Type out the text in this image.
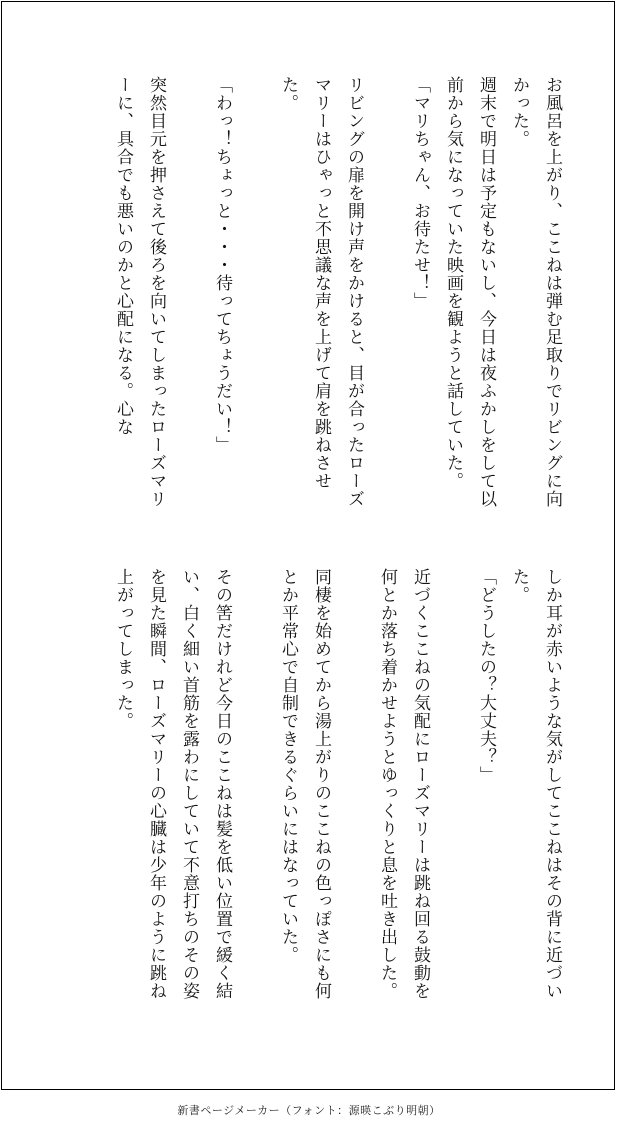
お風呂を上がり、ここねは弾む足取りでリビングに向かった。

週末で明日は予定もないし、今日は夜ふかしをして以前から気になっていた映画を観ようと話していた。

「マリちゃん、お待たせ！」

リビングの扉を開け声をかけると、目が合ったローズマリーはひゃっと不思議な声を上げて肩を跳ねさせた。

「わっ！ちょっと・・・待ってちょうだい！」

突然目元を押さえて後ろを向いてしまったローズマリーに、具合でも悪いのかと心配になる。心な

しか耳が赤いような気がしてここねはその背に近づいた。

「どうしたの？大丈夫？」

近づくここねの気配にローズマリーは跳ね回る鼓動を何とか落ち着かせようとゆっくりと息を吐き出した。

同棲を始めてから湯上がりのここねの色っぽさにも何とか平常心で自制できるぐらいにはなっていた。

その筈だけれど今日のここねは髪を低い位置で緩く結い、白く細い首筋を露わにしていて不意打ちのその姿を見た瞬間、ローズマリーの心臓は少年のように跳ね上がってしまった。

新書ページメーカー（フォント：源暎こぶり明朝）
